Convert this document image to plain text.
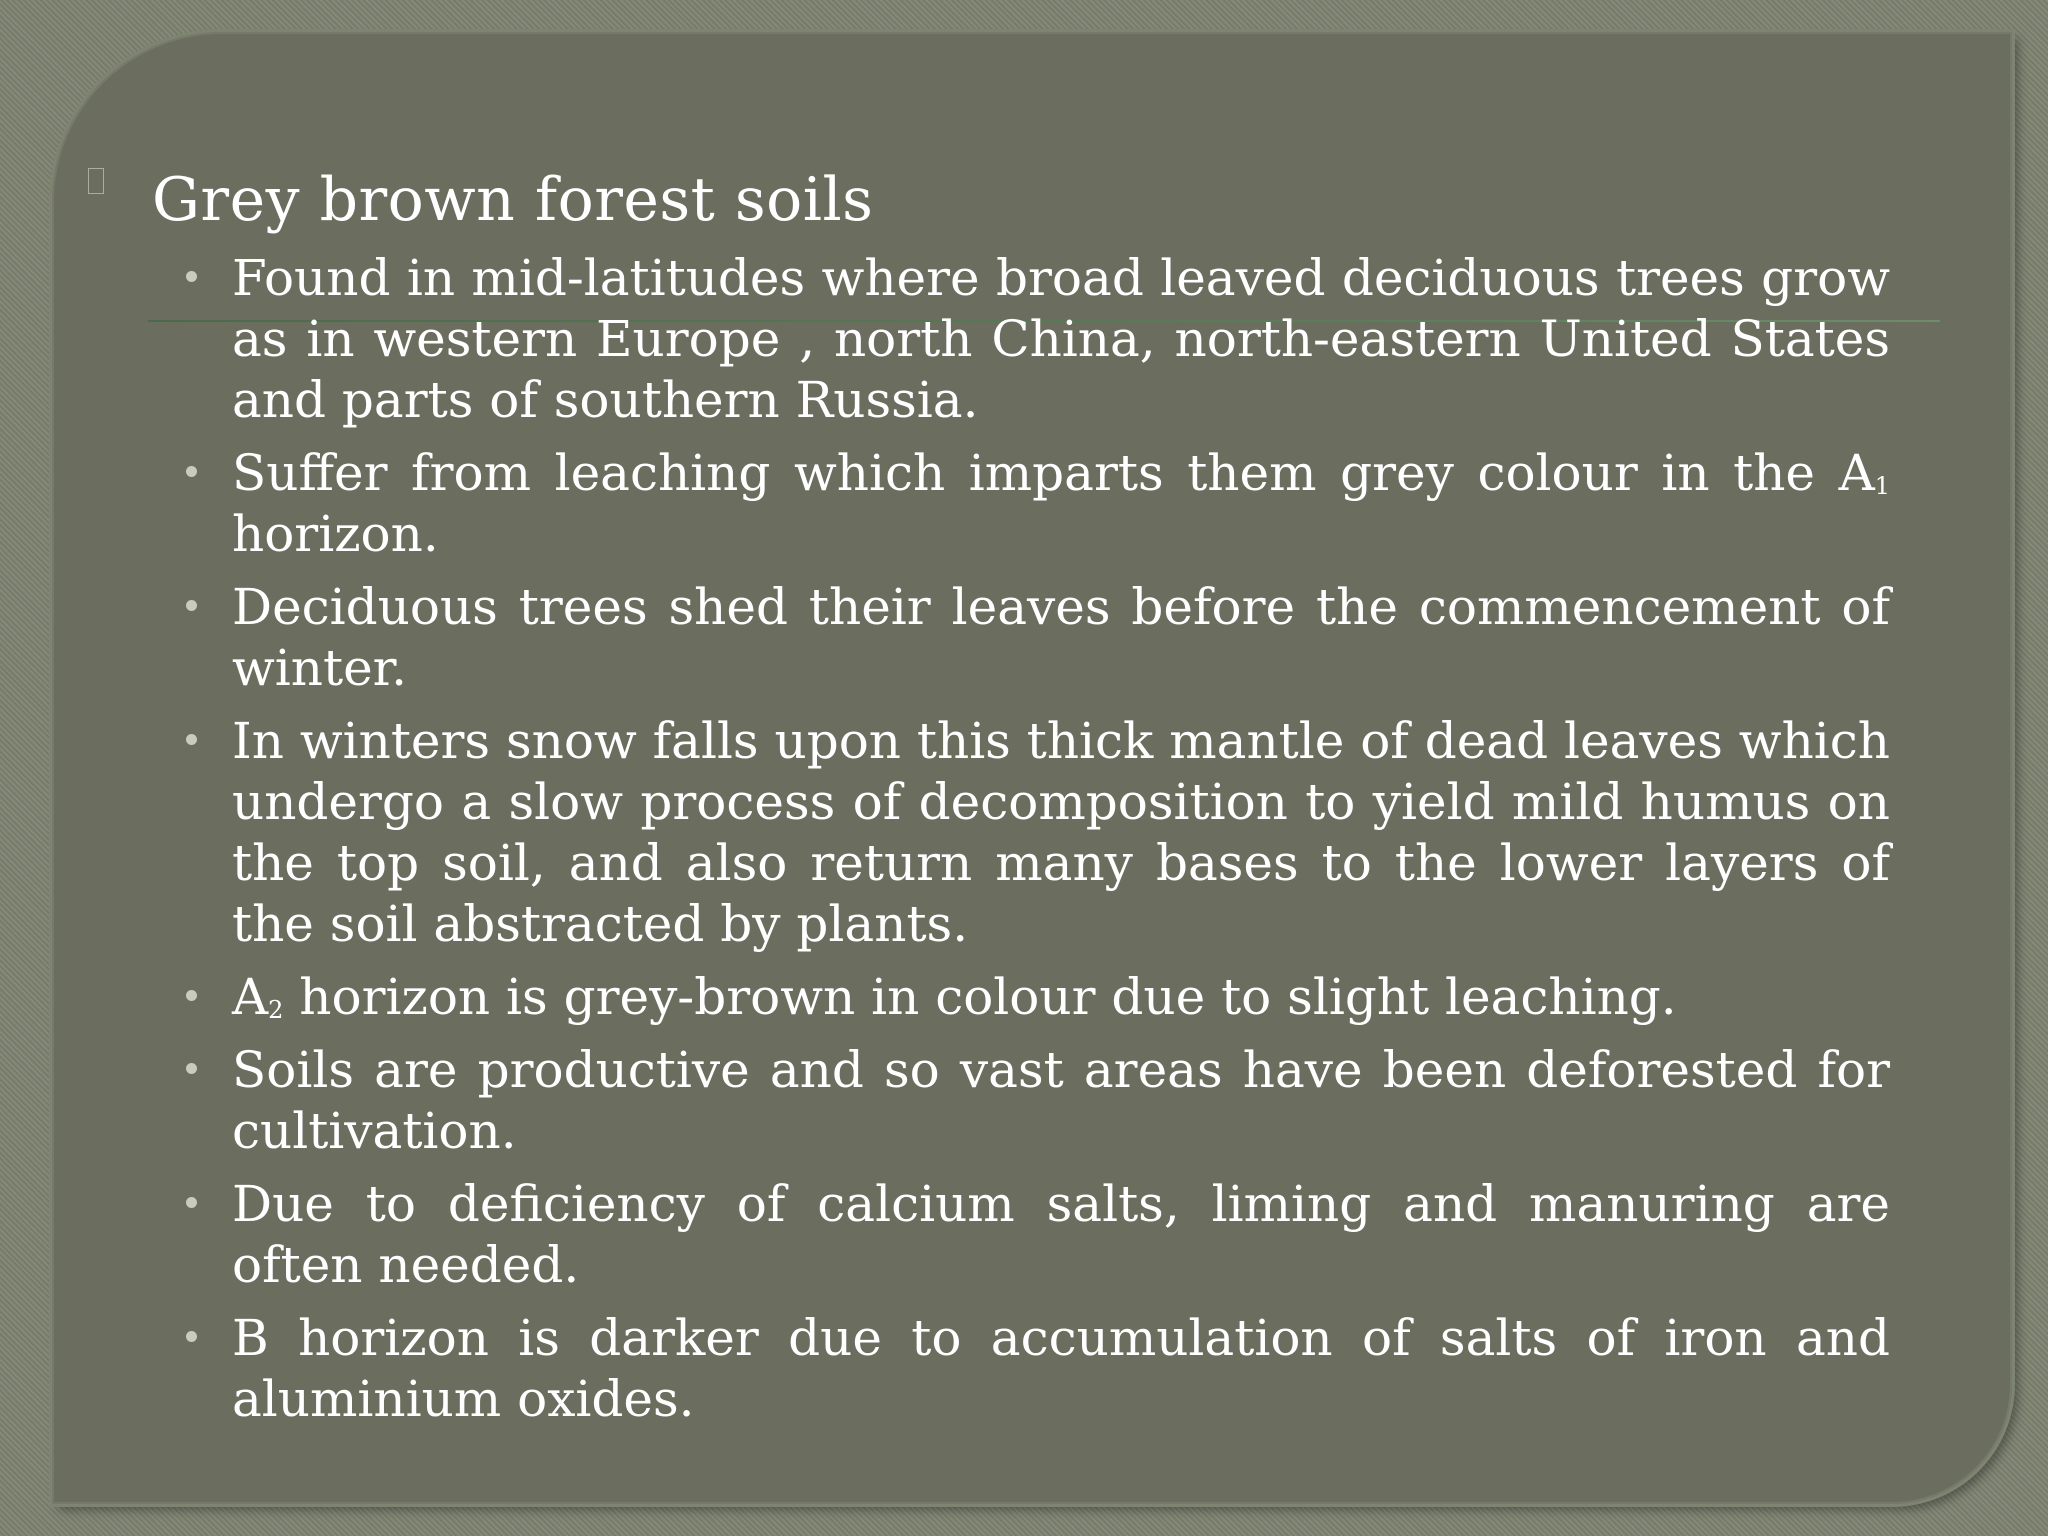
Grey brown forest soils
Found in mid-latitudes where broad leaved deciduous trees grow as in western Europe , north China, north-eastern United States and parts of southern Russia.
Suffer from leaching which imparts them grey colour in the $A_1$ horizon.
Deciduous trees shed their leaves before the commencement of winter.
In winters snow falls upon this thick mantle of dead leaves which undergo a slow process of decomposition to yield mild humus on the top soil, and also return many bases to the lower layers of the soil abstracted by plants.
$A_2$ horizon is grey-brown in colour due to slight leaching.
Soils are productive and so vast areas have been deforested for cultivation.
Due to deficiency of calcium salts, liming and manuring are often needed.
B horizon is darker due to accumulation of salts of iron and aluminium oxides.
